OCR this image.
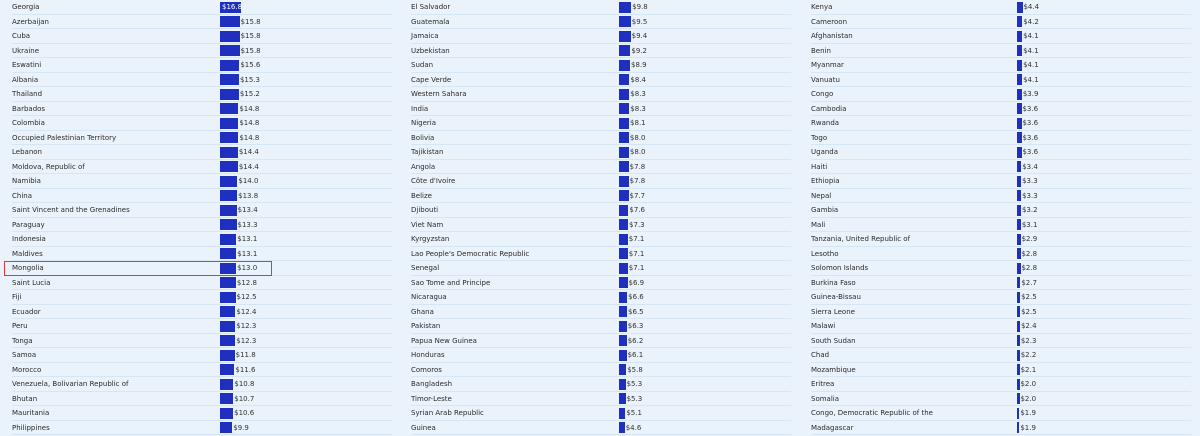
Georgia	$16.8
Azerbaijan	$15.8
Cuba	$15.8
Ukraine	$15.8
Eswatini	$15.6
Albania	$15.3
Thailand	$15.2
Barbados	$14.8
Colombia	$14.8
Occupied Palestinian Territory	$14.8
Lebanon	$14.4
Moldova, Republic of	$14.4
Namibia	$14.0
China	$13.8
Saint Vincent and the Grenadines	$13.4
Paraguay	$13.3
Indonesia	$13.1
Maldives	$13.1
Mongolia	$13.0
Saint Lucia	$12.8
Fiji	$12.5
Ecuador	$12.4
Peru	$12.3
Tonga	$12.3
Samoa	$11.8
Morocco	$11.6
Venezuela, Bolivarian Republic of	$10.8
Bhutan	$10.7
Mauritania	$10.6
Philippines	$9.9
El Salvador	$9.8
Guatemala	$9.5
Jamaica	$9.4
Uzbekistan	$9.2
Sudan	$8.9
Cape Verde	$8.4
Western Sahara	$8.3
India	$8.3
Nigeria	$8.1
Bolivia	$8.0
Tajikistan	$8.0
Angola	$7.8
Côte d'Ivoire	$7.8
Belize	$7.7
Djibouti	$7.6
Viet Nam	$7.3
Kyrgyzstan	$7.1
Lao People's Democratic Republic	$7.1
Senegal	$7.1
Sao Tome and Principe	$6.9
Nicaragua	$6.6
Ghana	$6.5
Pakistan	$6.3
Papua New Guinea	$6.2
Honduras	$6.1
Comoros	$5.8
Bangladesh	$5.3
Timor-Leste	$5.3
Syrian Arab Republic	$5.1
Guinea	$4.6
Kenya	$4.4
Cameroon	$4.2
Afghanistan	$4.1
Benin	$4.1
Myanmar	$4.1
Vanuatu	$4.1
Congo	$3.9
Cambodia	$3.6
Rwanda	$3.6
Togo	$3.6
Uganda	$3.6
Haiti	$3.4
Ethiopia	$3.3
Nepal	$3.3
Gambia	$3.2
Mali	$3.1
Tanzania, United Republic of	$2.9
Lesotho	$2.8
Solomon Islands	$2.8
Burkina Faso	$2.7
Guinea-Bissau	$2.5
Sierra Leone	$2.5
Malawi	$2.4
South Sudan	$2.3
Chad	$2.2
Mozambique	$2.1
Eritrea	$2.0
Somalia	$2.0
Congo, Democratic Republic of the	$1.9
Madagascar	$1.9
